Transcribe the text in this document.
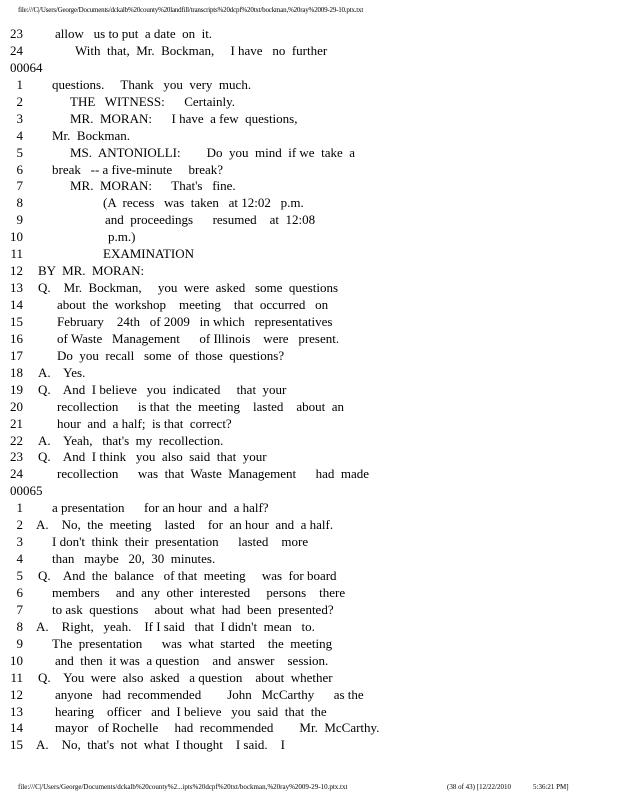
file:///C|/Users/George/Documents/dckalb%20county%20landfill/transcripts%20dcpf%20txt/bockman,%20ray%2009-29-10.ptx.txt
23 allow   us to put  a date  on  it.
24	With  that,  Mr.  Bockman,     I have   no  further
00064
1 questions.     Thank   you  very  much.
2	THE   WITNESS:      Certainly.
3	MR.  MORAN:      I have  a few  questions,
4 Mr.  Bockman.
5	MS.  ANTONIOLLI:        Do  you  mind  if we  take  a
6 break   -- a five-minute     break?
7	MR.  MORAN:      That's   fine.
8	(A  recess   was  taken   at 12:02   p.m.
9	and  proceedings      resumed    at  12:08
10	p.m.)
11	EXAMINATION
12 BY  MR.  MORAN:
13 Q.    Mr.  Bockman,     you  were  asked   some  questions
14	about  the  workshop    meeting    that  occurred   on
15	February    24th   of 2009   in which   representatives
16	of Waste   Management      of Illinois    were   present.
17	Do  you  recall   some  of  those  questions?
18 A.    Yes.
19 Q.    And  I believe   you  indicated     that  your
20	recollection      is that  the  meeting    lasted    about  an
21	hour  and  a half;  is that  correct?
22 A.    Yeah,   that's  my  recollection.
23 Q.    And  I think   you  also  said  that  your
24	recollection      was  that  Waste  Management      had  made
00065
1 a presentation      for an hour  and  a half?
2 A.    No,  the  meeting    lasted    for  an hour  and  a half.
3 I don't  think  their  presentation      lasted    more
4 than   maybe   20,  30  minutes.
5 Q.    And  the  balance   of that  meeting     was  for board
6 members     and  any  other  interested     persons    there
7 to ask  questions     about  what  had  been  presented?
8 A.    Right,   yeah.    If I said   that  I didn't  mean   to.
9 The  presentation      was  what  started    the  meeting
10 and  then  it was  a question    and  answer    session.
11 Q.    You  were  also  asked   a question    about  whether
12 anyone   had  recommended        John   McCarthy      as the
13 hearing    officer   and  I believe   you  said  that  the
14 mayor   of Rochelle     had  recommended        Mr.  McCarthy.
15 A.    No,  that's  not  what  I thought    I said.    I
file:///C|/Users/George/Documents/dckalb%20county%2...ipts%20dcpf%20txt/bockman,%20ray%2009-29-10.ptx.txt	(38 of 43) [12/22/2010	5:36:21 PM]
